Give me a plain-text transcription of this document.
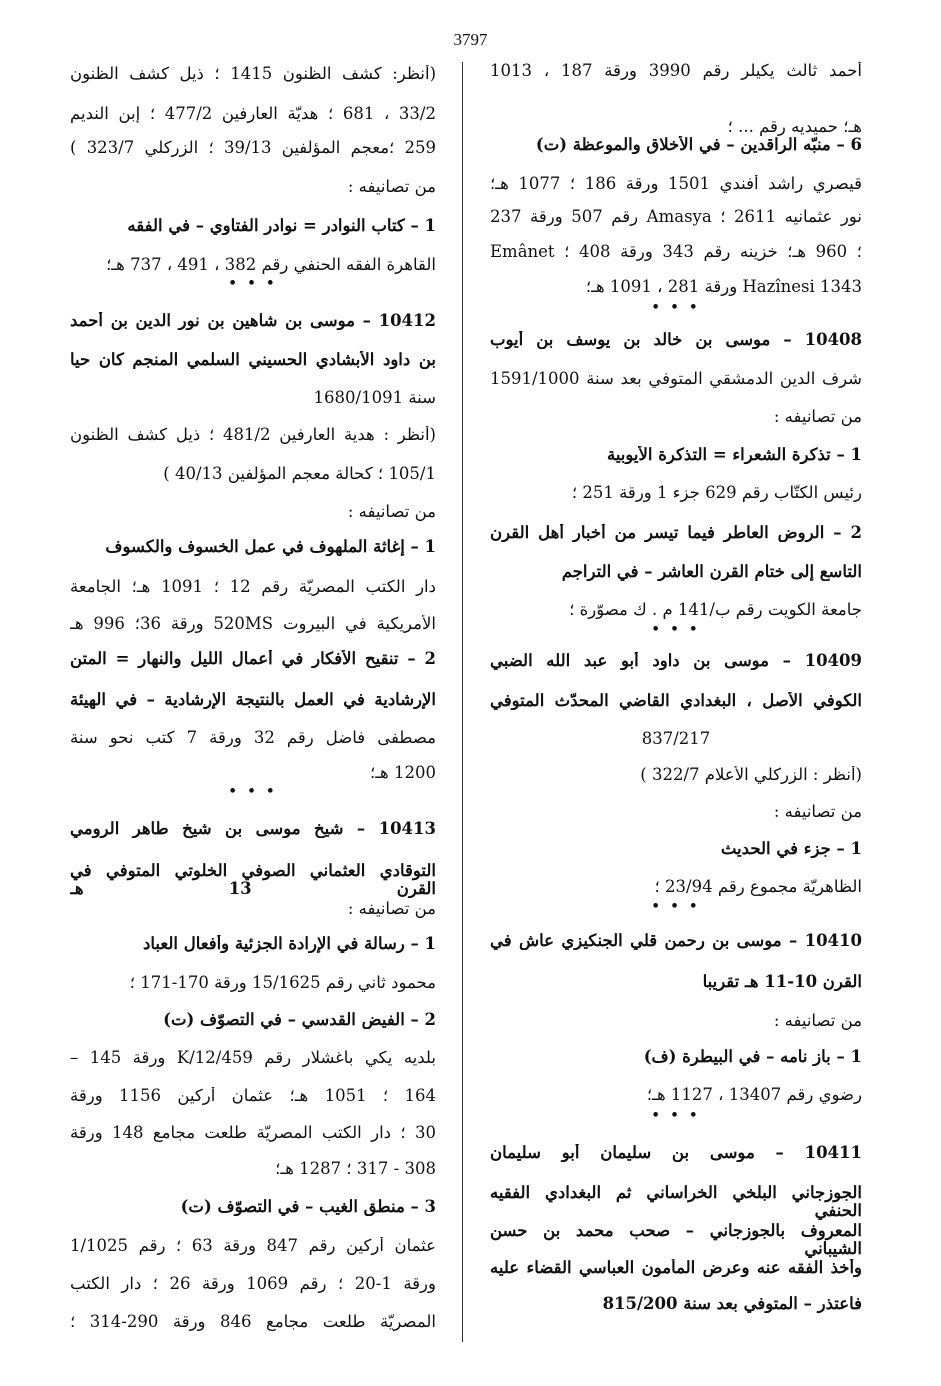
3797
أحمد ثالث يكيلر رقم 3990 ورقة 187 ، 1013
هـ؛ حميديه رقم ... ؛
6 – منبّه الراقدين – في الأخلاق والموعظة (ت)
قيصري راشد أفندي 1501 ورقة 186 ؛ 1077 هـ؛
نور عثمانيه 2611 ؛ Amasya رقم 507 ورقة 237
؛ 960 هـ؛ خزينه رقم 343 ورقة 408 ؛ Emânet
Hazînesi 1343 ورقة 281 ، 1091 هـ؛
• • •
10408 – موسى بن خالد بن يوسف بن أيوب
شرف الدين الدمشقي المتوفي بعد سنة 1591/1000
من تصانيفه :
1 – تذكرة الشعراء = التذكرة الأيوبية
رئيس الكتّاب رقم 629 جزء 1 ورقة 251 ؛
2 – الروض العاطر فيما تيسر من أخبار أهل القرن
التاسع إلى ختام القرن العاشر – في التراجم
جامعة الكويت رقم ب/141 م . ك مصوّرة ؛
• • •
10409 – موسى بن داود أبو عبد الله الضبي
الكوفي الأصل ، البغدادي القاضي المحدّث المتوفي
837/217
(أنظر : الزركلي الأعلام 322/7 )
من تصانيفه :
1 – جزء في الحديث
الظاهريّة مجموع رقم 23/94 ؛
• • •
10410 – موسى بن رحمن قلي الجنكيزي عاش في
القرن 10-11 هـ تقريبا
من تصانيفه :
1 – باز نامه – في البيطرة (ف)
رضوي رقم 13407 ، 1127 هـ؛
• • •
10411 – موسى بن سليمان أبو سليمان
الجوزجاني البلخي الخراساني ثم البغدادي الفقيه الحنفي
المعروف بالجوزجاني – صحب محمد بن حسن الشيباني
وأخذ الفقه عنه وعرض المأمون العباسي القضاء عليه
فاعتذر – المتوفي بعد سنة 815/200
(أنظر: كشف الظنون 1415 ؛ ذيل كشف الظنون
33/2 ، 681 ؛ هديّة العارفين 477/2 ؛ إبن النديم
259 ؛معجم المؤلفين 39/13 ؛ الزركلي 323/7 )
من تصانيفه :
1 – كتاب النوادر = نوادر الفتاوي – في الفقه
القاهرة الفقه الحنفي رقم 382 ، 491 ، 737 هـ؛
• • •
10412 – موسى بن شاهين بن نور الدين بن أحمد
بن داود الأبشادي الحسيني السلمي المنجم كان حيا
سنة 1680/1091
(أنظر : هدية العارفين 481/2 ؛ ذيل كشف الظنون
105/1 ؛ كحالة معجم المؤلفين 40/13 )
من تصانيفه :
1 – إغاثة الملهوف في عمل الخسوف والكسوف
دار الكتب المصريّة رقم 12 ؛ 1091 هـ؛ الجامعة
الأمريكية في البيروت 520MS ورقة 36؛ 996 هـ
2 – تنقيح الأفكار في أعمال الليل والنهار = المتن
الإرشادية في العمل بالنتيجة الإرشادية – في الهيئة
مصطفى فاضل رقم 32 ورقة 7 كتب نحو سنة
1200 هـ؛
• • •
10413 – شيخ موسى بن شيخ طاهر الرومي
التوقادي العثماني الصوفي الخلوتي المتوفي في القرن 13 هـ
من تصانيفه :
1 – رسالة في الإرادة الجزئية وأفعال العباد
محمود ثاني رقم 15/1625 ورقة 170-171 ؛
2 – الفيض القدسي – في التصوّف (ت)
بلديه يكي باغشلار رقم 12/459/K ورقة 145 –
164 ؛ 1051 هـ؛ عثمان أركين 1156 ورقة
30 ؛ دار الكتب المصريّة طلعت مجامع 148 ورقة
308 - 317 ؛ 1287 هـ؛
3 – منطق الغيب – في التصوّف (ت)
عثمان أركين رقم 847 ورقة 63 ؛ رقم 1/1025
ورقة 1-20 ؛ رقم 1069 ورقة 26 ؛ دار الكتب
المصريّة طلعت مجامع 846 ورقة 290-314 ؛
